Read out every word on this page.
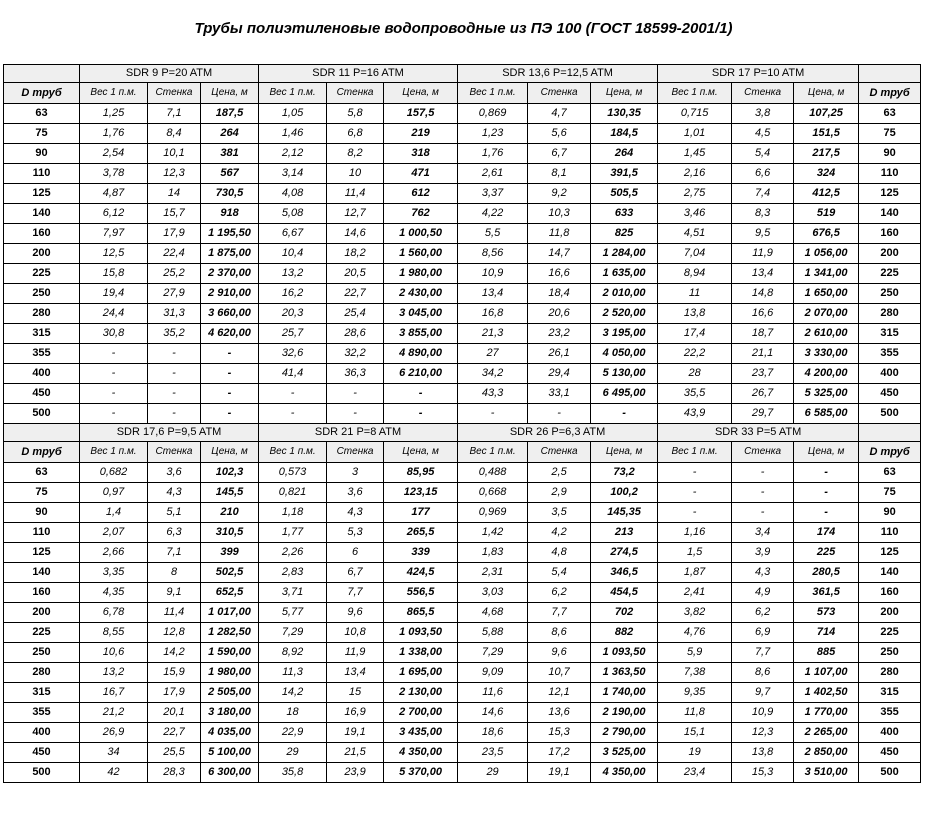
Трубы полиэтиленовые водопроводные из ПЭ 100 (ГОСТ 18599-2001/1)
	SDR 9 P=20 ATM			SDR 11 P=16 ATM			SDR 13,6 P=12,5 ATM			SDR 17 P=10 ATM			
D труб	Вес 1 п.м.	Стенка	Цена, м	Вес 1 п.м.	Стенка	Цена, м	Вес 1 п.м.	Стенка	Цена, м	Вес 1 п.м.	Стенка	Цена, м	D труб
63	1,25	7,1	187,5	1,05	5,8	157,5	0,869	4,7	130,35	0,715	3,8	107,25	63
75	1,76	8,4	264	1,46	6,8	219	1,23	5,6	184,5	1,01	4,5	151,5	75
90	2,54	10,1	381	2,12	8,2	318	1,76	6,7	264	1,45	5,4	217,5	90
110	3,78	12,3	567	3,14	10	471	2,61	8,1	391,5	2,16	6,6	324	110
125	4,87	14	730,5	4,08	11,4	612	3,37	9,2	505,5	2,75	7,4	412,5	125
140	6,12	15,7	918	5,08	12,7	762	4,22	10,3	633	3,46	8,3	519	140
160	7,97	17,9	1 195,50	6,67	14,6	1 000,50	5,5	11,8	825	4,51	9,5	676,5	160
200	12,5	22,4	1 875,00	10,4	18,2	1 560,00	8,56	14,7	1 284,00	7,04	11,9	1 056,00	200
225	15,8	25,2	2 370,00	13,2	20,5	1 980,00	10,9	16,6	1 635,00	8,94	13,4	1 341,00	225
250	19,4	27,9	2 910,00	16,2	22,7	2 430,00	13,4	18,4	2 010,00	11	14,8	1 650,00	250
280	24,4	31,3	3 660,00	20,3	25,4	3 045,00	16,8	20,6	2 520,00	13,8	16,6	2 070,00	280
315	30,8	35,2	4 620,00	25,7	28,6	3 855,00	21,3	23,2	3 195,00	17,4	18,7	2 610,00	315
355	-	-	-	32,6	32,2	4 890,00	27	26,1	4 050,00	22,2	21,1	3 330,00	355
400	-	-	-	41,4	36,3	6 210,00	34,2	29,4	5 130,00	28	23,7	4 200,00	400
450	-	-	-	-	-	-	43,3	33,1	6 495,00	35,5	26,7	5 325,00	450
500	-	-	-	-	-	-	-	-	-	43,9	29,7	6 585,00	500
	SDR 17,6 P=9,5 ATM			SDR 21 P=8 ATM			SDR 26 P=6,3 ATM			SDR 33 P=5 ATM			
D труб	Вес 1 п.м.	Стенка	Цена, м	Вес 1 п.м.	Стенка	Цена, м	Вес 1 п.м.	Стенка	Цена, м	Вес 1 п.м.	Стенка	Цена, м	D труб
63	0,682	3,6	102,3	0,573	3	85,95	0,488	2,5	73,2	-	-	-	63
75	0,97	4,3	145,5	0,821	3,6	123,15	0,668	2,9	100,2	-	-	-	75
90	1,4	5,1	210	1,18	4,3	177	0,969	3,5	145,35	-	-	-	90
110	2,07	6,3	310,5	1,77	5,3	265,5	1,42	4,2	213	1,16	3,4	174	110
125	2,66	7,1	399	2,26	6	339	1,83	4,8	274,5	1,5	3,9	225	125
140	3,35	8	502,5	2,83	6,7	424,5	2,31	5,4	346,5	1,87	4,3	280,5	140
160	4,35	9,1	652,5	3,71	7,7	556,5	3,03	6,2	454,5	2,41	4,9	361,5	160
200	6,78	11,4	1 017,00	5,77	9,6	865,5	4,68	7,7	702	3,82	6,2	573	200
225	8,55	12,8	1 282,50	7,29	10,8	1 093,50	5,88	8,6	882	4,76	6,9	714	225
250	10,6	14,2	1 590,00	8,92	11,9	1 338,00	7,29	9,6	1 093,50	5,9	7,7	885	250
280	13,2	15,9	1 980,00	11,3	13,4	1 695,00	9,09	10,7	1 363,50	7,38	8,6	1 107,00	280
315	16,7	17,9	2 505,00	14,2	15	2 130,00	11,6	12,1	1 740,00	9,35	9,7	1 402,50	315
355	21,2	20,1	3 180,00	18	16,9	2 700,00	14,6	13,6	2 190,00	11,8	10,9	1 770,00	355
400	26,9	22,7	4 035,00	22,9	19,1	3 435,00	18,6	15,3	2 790,00	15,1	12,3	2 265,00	400
450	34	25,5	5 100,00	29	21,5	4 350,00	23,5	17,2	3 525,00	19	13,8	2 850,00	450
500	42	28,3	6 300,00	35,8	23,9	5 370,00	29	19,1	4 350,00	23,4	15,3	3 510,00	500
